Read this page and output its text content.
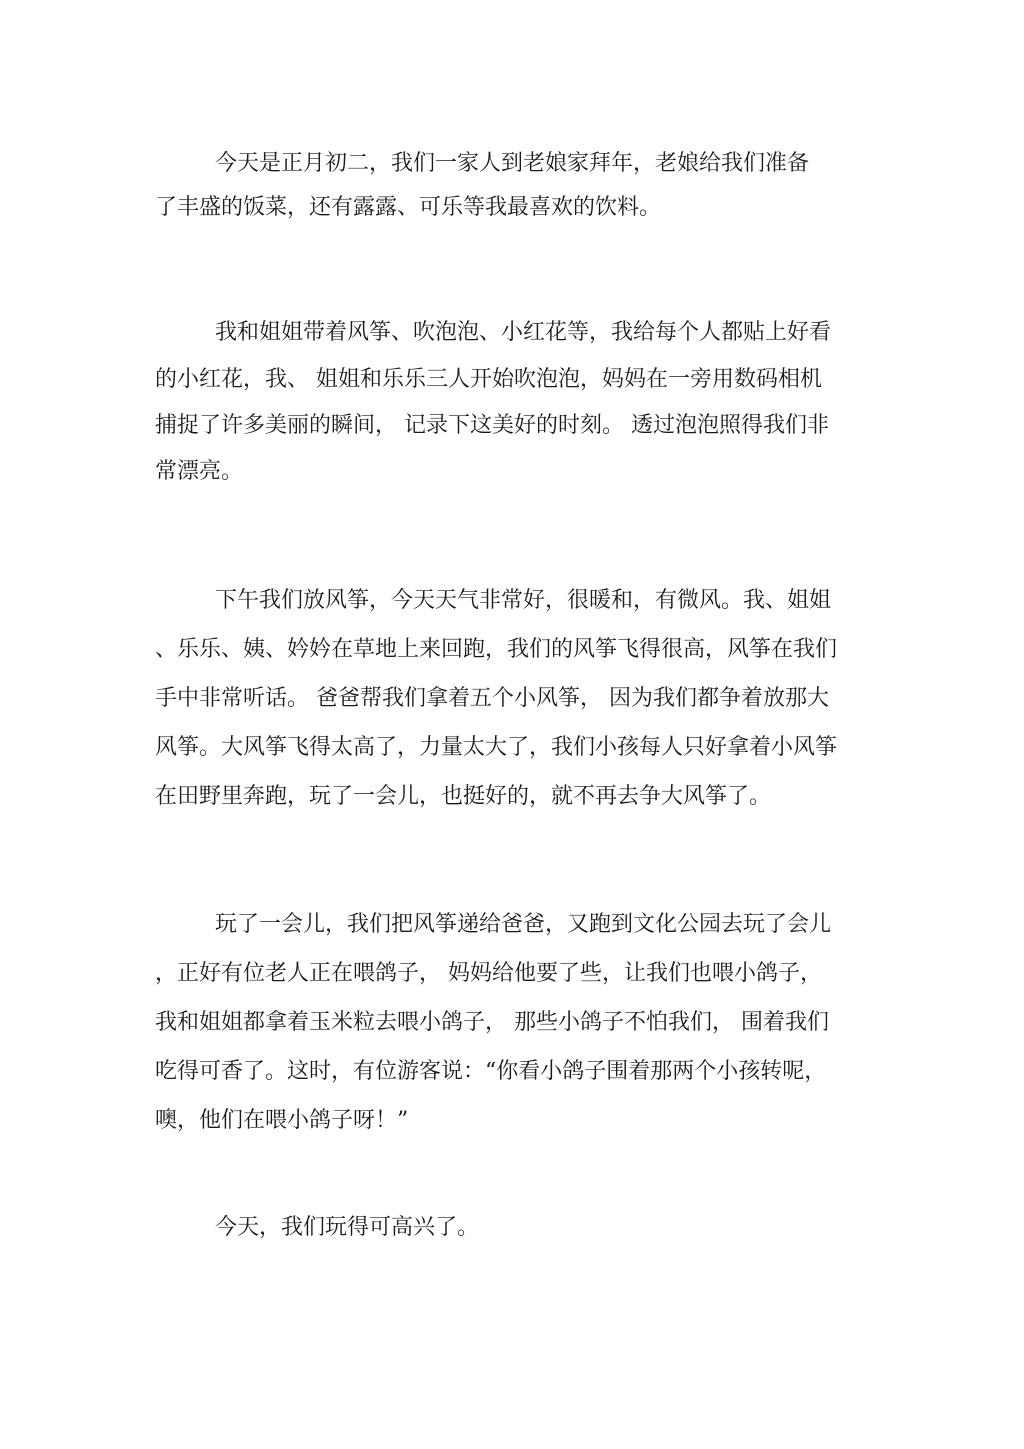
今天是正月初二，我们一家人到老娘家拜年，老娘给我们准备
了丰盛的饭菜，还有露露、可乐等我最喜欢的饮料。
我和姐姐带着风筝、吹泡泡、小红花等，我给每个人都贴上好看
的小红花，我、 姐姐和乐乐三人开始吹泡泡，妈妈在一旁用数码相机
捕捉了许多美丽的瞬间， 记录下这美好的时刻。 透过泡泡照得我们非
常漂亮。
下午我们放风筝，今天天气非常好，很暖和，有微风。我、姐姐
、乐乐、姨、妗妗在草地上来回跑，我们的风筝飞得很高，风筝在我们
手中非常听话。 爸爸帮我们拿着五个小风筝， 因为我们都争着放那大
风筝。大风筝飞得太高了，力量太大了，我们小孩每人只好拿着小风筝
在田野里奔跑，玩了一会儿，也挺好的，就不再去争大风筝了。
玩了一会儿，我们把风筝递给爸爸，又跑到文化公园去玩了会儿
，正好有位老人正在喂鸽子， 妈妈给他要了些，让我们也喂小鸽子，
我和姐姐都拿着玉米粒去喂小鸽子， 那些小鸽子不怕我们， 围着我们
吃得可香了。这时，有位游客说：“你看小鸽子围着那两个小孩转呢，
噢，他们在喂小鸽子呀！”
今天，我们玩得可高兴了。
